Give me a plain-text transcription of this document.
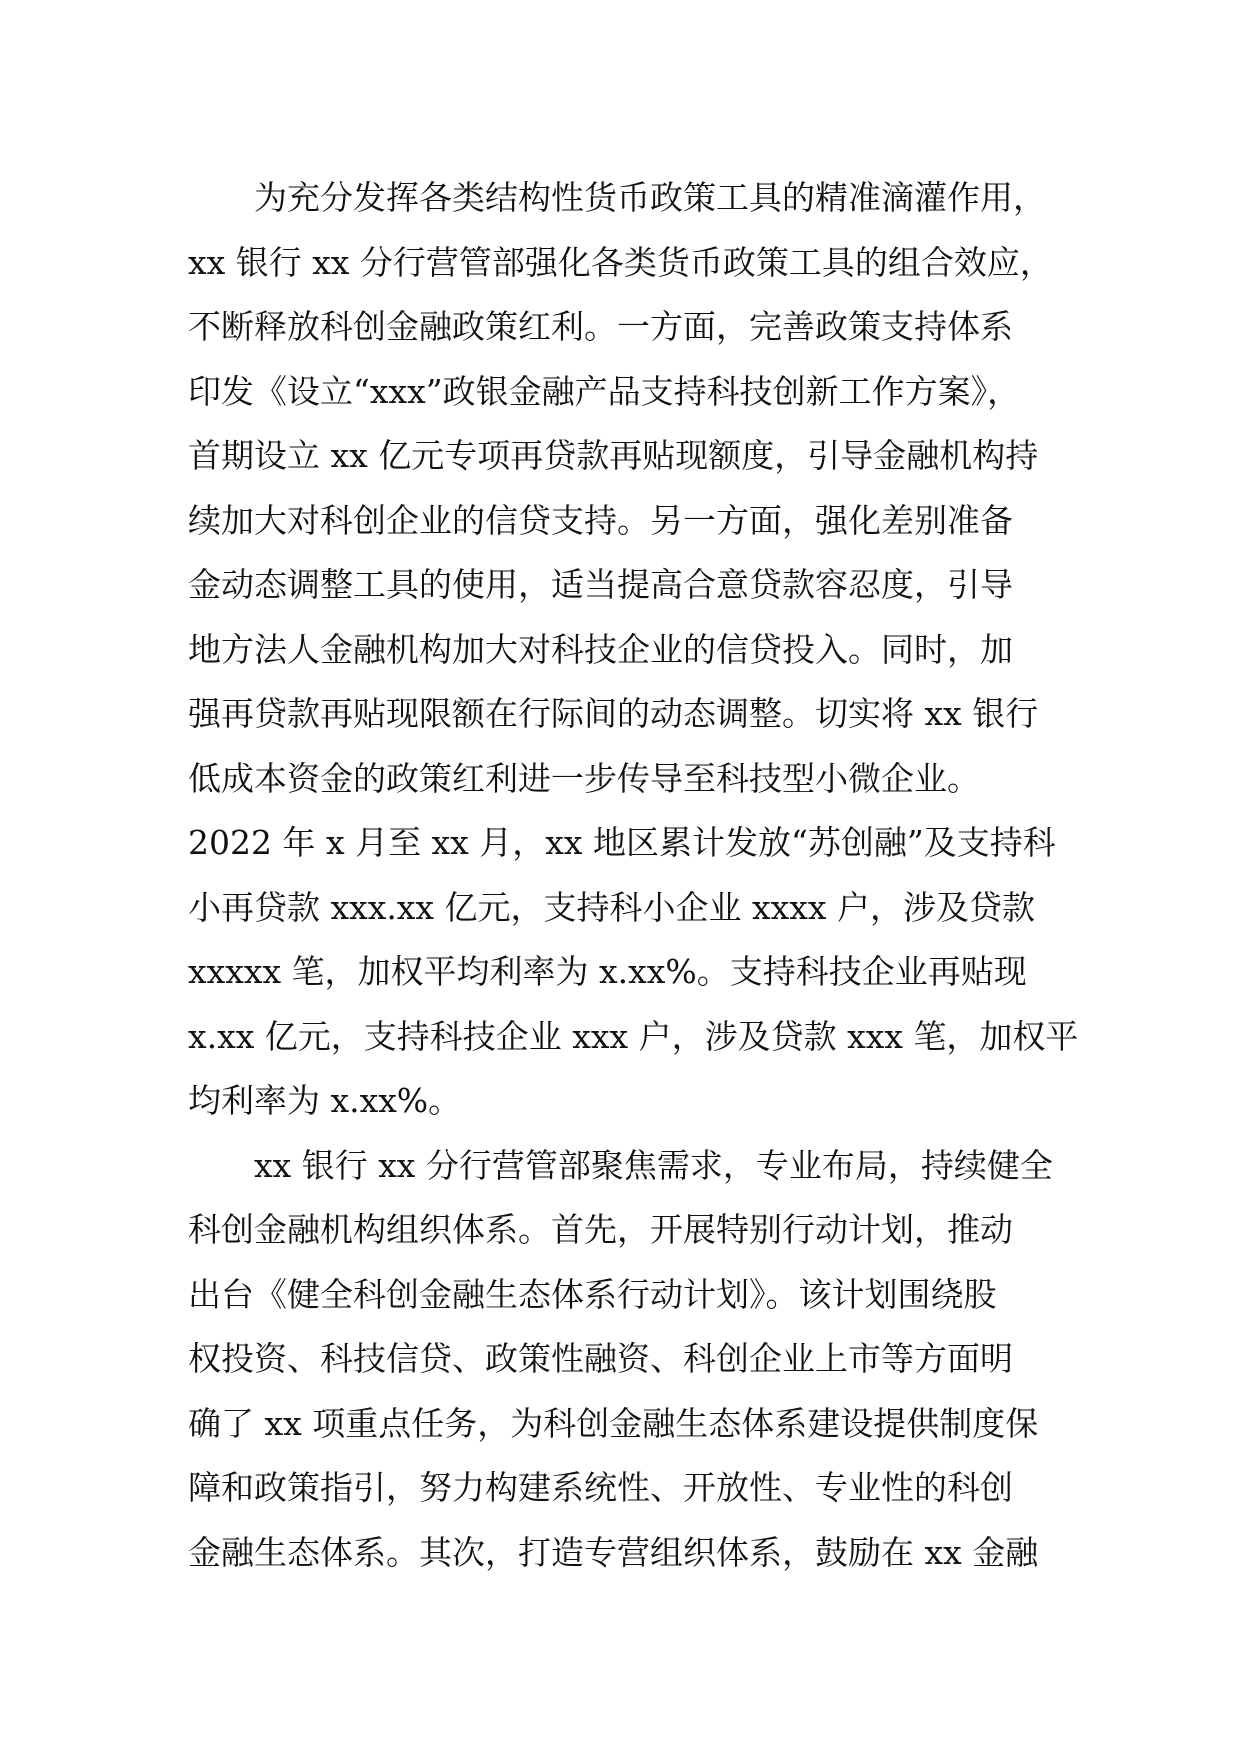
为充分发挥各类结构性货币政策工具的精准滴灌作用，
xx 银行 xx 分行营管部强化各类货币政策工具的组合效应，
不断释放科创金融政策红利。一方面，完善政策支持体系
印发《设立“xxx”政银金融产品支持科技创新工作方案》，
首期设立 xx 亿元专项再贷款再贴现额度，引导金融机构持
续加大对科创企业的信贷支持。另一方面，强化差别准备
金动态调整工具的使用，适当提高合意贷款容忍度，引导
地方法人金融机构加大对科技企业的信贷投入。同时，加
强再贷款再贴现限额在行际间的动态调整。切实将 xx 银行
低成本资金的政策红利进一步传导至科技型小微企业。
2022 年 x 月至 xx 月，xx 地区累计发放“苏创融”及支持科
小再贷款 xxx.xx 亿元，支持科小企业 xxxx 户，涉及贷款
xxxxx 笔，加权平均利率为 x.xx%。支持科技企业再贴现
x.xx 亿元，支持科技企业 xxx 户，涉及贷款 xxx 笔，加权平
均利率为 x.xx%。
xx 银行 xx 分行营管部聚焦需求，专业布局，持续健全
科创金融机构组织体系。首先，开展特别行动计划，推动
出台《健全科创金融生态体系行动计划》。该计划围绕股
权投资、科技信贷、政策性融资、科创企业上市等方面明
确了 xx 项重点任务，为科创金融生态体系建设提供制度保
障和政策指引，努力构建系统性、开放性、专业性的科创
金融生态体系。其次，打造专营组织体系，鼓励在 xx 金融
